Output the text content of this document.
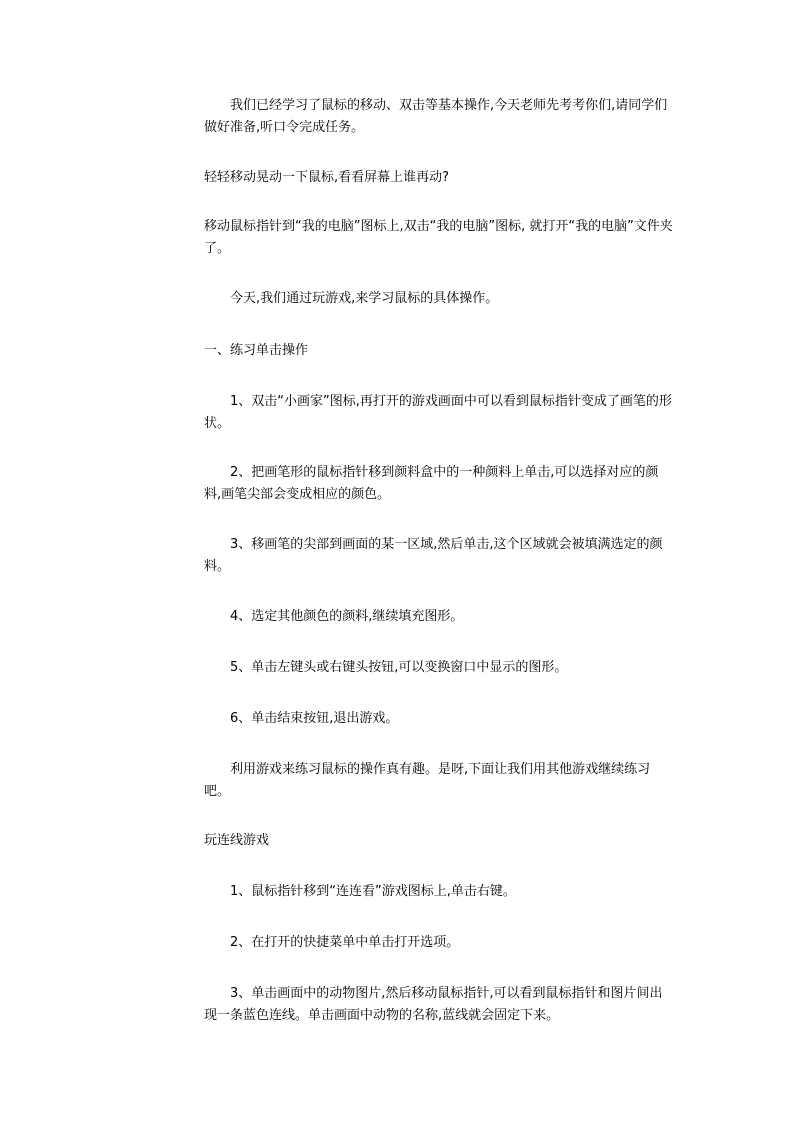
　　我们已经学习了鼠标的移动、双击等基本操作,今天老师先考考你们,请同学们做好准备,听口令完成任务。

轻轻移动晃动一下鼠标,看看屏幕上谁再动?

移动鼠标指针到“我的电脑”图标上,双击“我的电脑”图标, 就打开“我的电脑”文件夹了。

　　今天,我们通过玩游戏,来学习鼠标的具体操作。

一、练习单击操作

　　1、双击“小画家”图标,再打开的游戏画面中可以看到鼠标指针变成了画笔的形状。

　　2、把画笔形的鼠标指针移到颜料盒中的一种颜料上单击,可以选择对应的颜料,画笔尖部会变成相应的颜色。

　　3、移画笔的尖部到画面的某一区域,然后单击,这个区域就会被填满选定的颜料。

　　4、选定其他颜色的颜料,继续填充图形。

　　5、单击左键头或右键头按钮,可以变换窗口中显示的图形。

　　6、单击结束按钮,退出游戏。

　　利用游戏来练习鼠标的操作真有趣。是呀,下面让我们用其他游戏继续练习吧。

玩连线游戏

　　1、鼠标指针移到“连连看”游戏图标上,单击右键。

　　2、在打开的快捷菜单中单击打开选项。

　　3、单击画面中的动物图片,然后移动鼠标指针,可以看到鼠标指针和图片间出现一条蓝色连线。单击画面中动物的名称,蓝线就会固定下来。
